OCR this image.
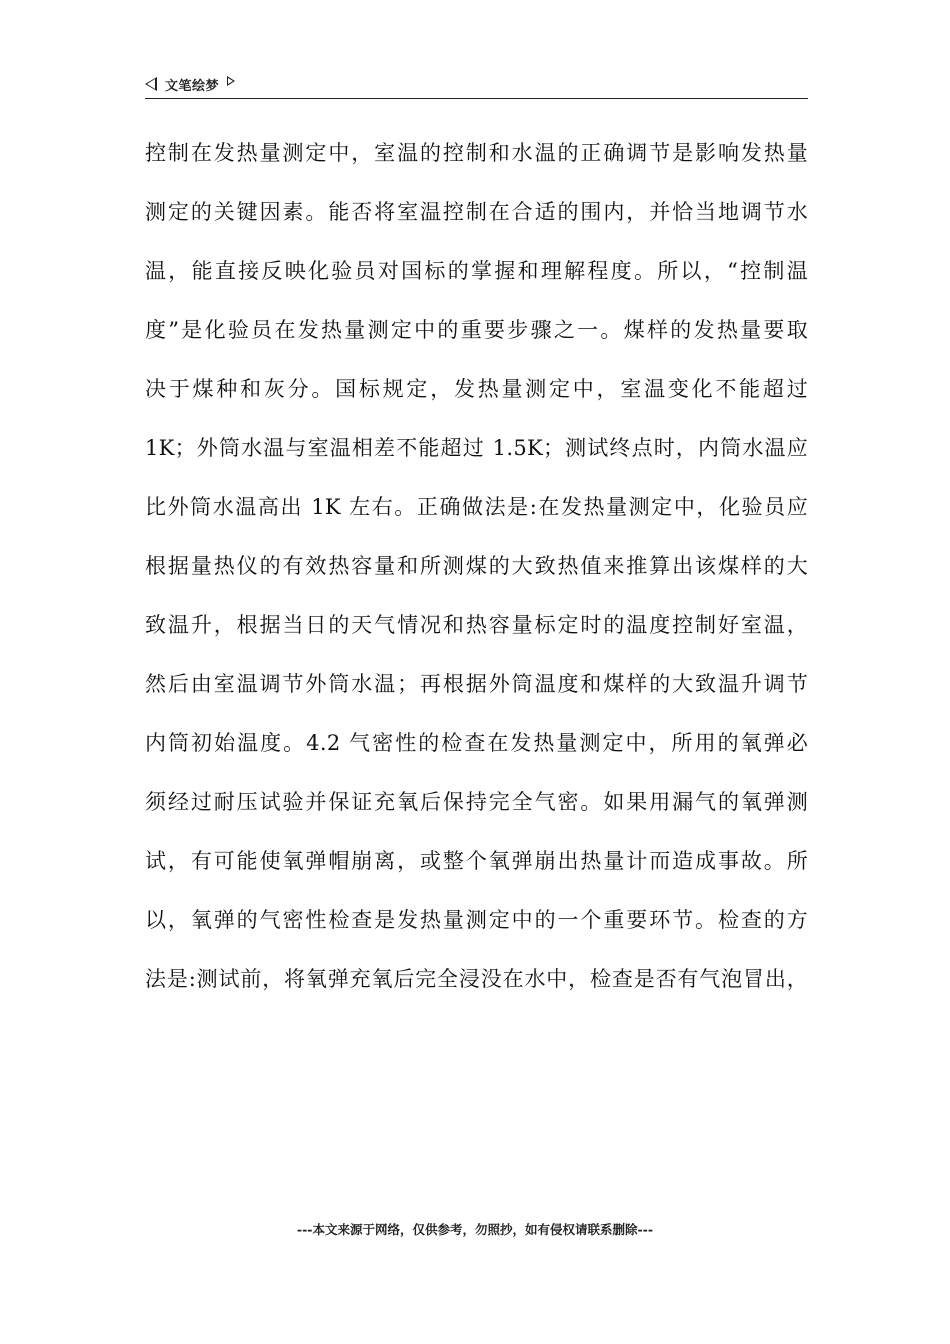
文笔绘梦
控制在发热量测定中，室温的控制和水温的正确调节是影响发热量
测定的关键因素。能否将室温控制在合适的围内，并恰当地调节水
温，能直接反映化验员对国标的掌握和理解程度。所以，“控制温
度”是化验员在发热量测定中的重要步骤之一。煤样的发热量要取
决于煤种和灰分。国标规定，发热量测定中，室温变化不能超过
1K；外筒水温与室温相差不能超过 1.5K；测试终点时，内筒水温应
比外筒水温高出 1K 左右。正确做法是:在发热量测定中，化验员应
根据量热仪的有效热容量和所测煤的大致热值来推算出该煤样的大
致温升，根据当日的天气情况和热容量标定时的温度控制好室温，
然后由室温调节外筒水温；再根据外筒温度和煤样的大致温升调节
内筒初始温度。4.2 气密性的检查在发热量测定中，所用的氧弹必
须经过耐压试验并保证充氧后保持完全气密。如果用漏气的氧弹测
试，有可能使氧弹帽崩离，或整个氧弹崩出热量计而造成事故。所
以，氧弹的气密性检查是发热量测定中的一个重要环节。检查的方
法是:测试前，将氧弹充氧后完全浸没在水中，检查是否有气泡冒出，
---本文来源于网络，仅供参考，勿照抄，如有侵权请联系删除---
